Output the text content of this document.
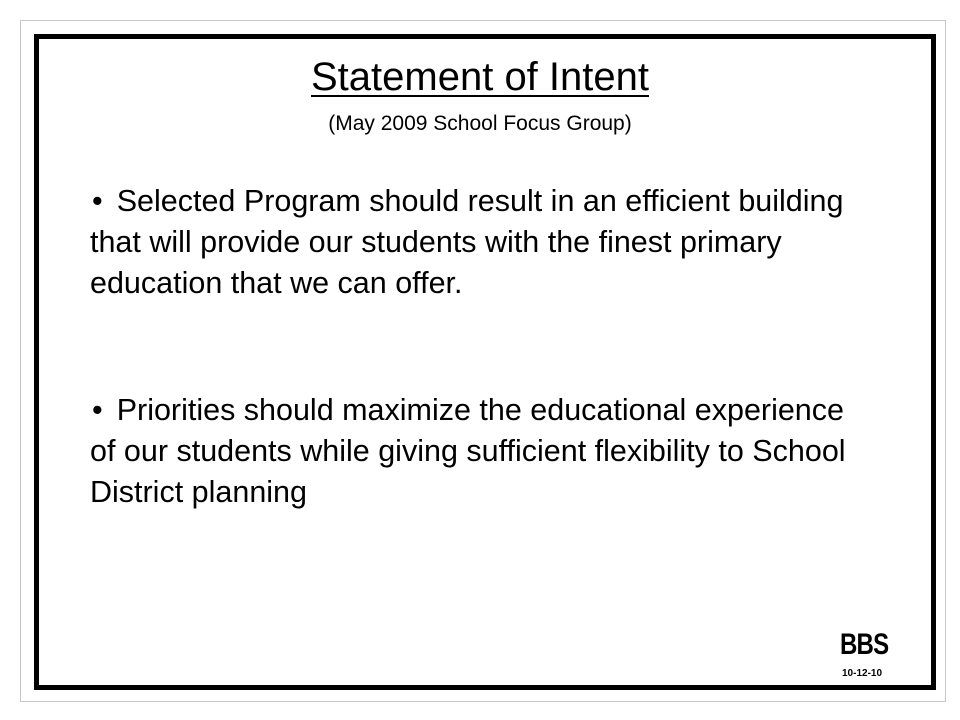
Statement of Intent
(May 2009 School Focus Group)
• Selected Program should result in an efficient building that will provide our students with the finest primary education that we can offer.
• Priorities should maximize the educational experience of our students while giving sufficient flexibility to School District planning
BBS
10-12-10
